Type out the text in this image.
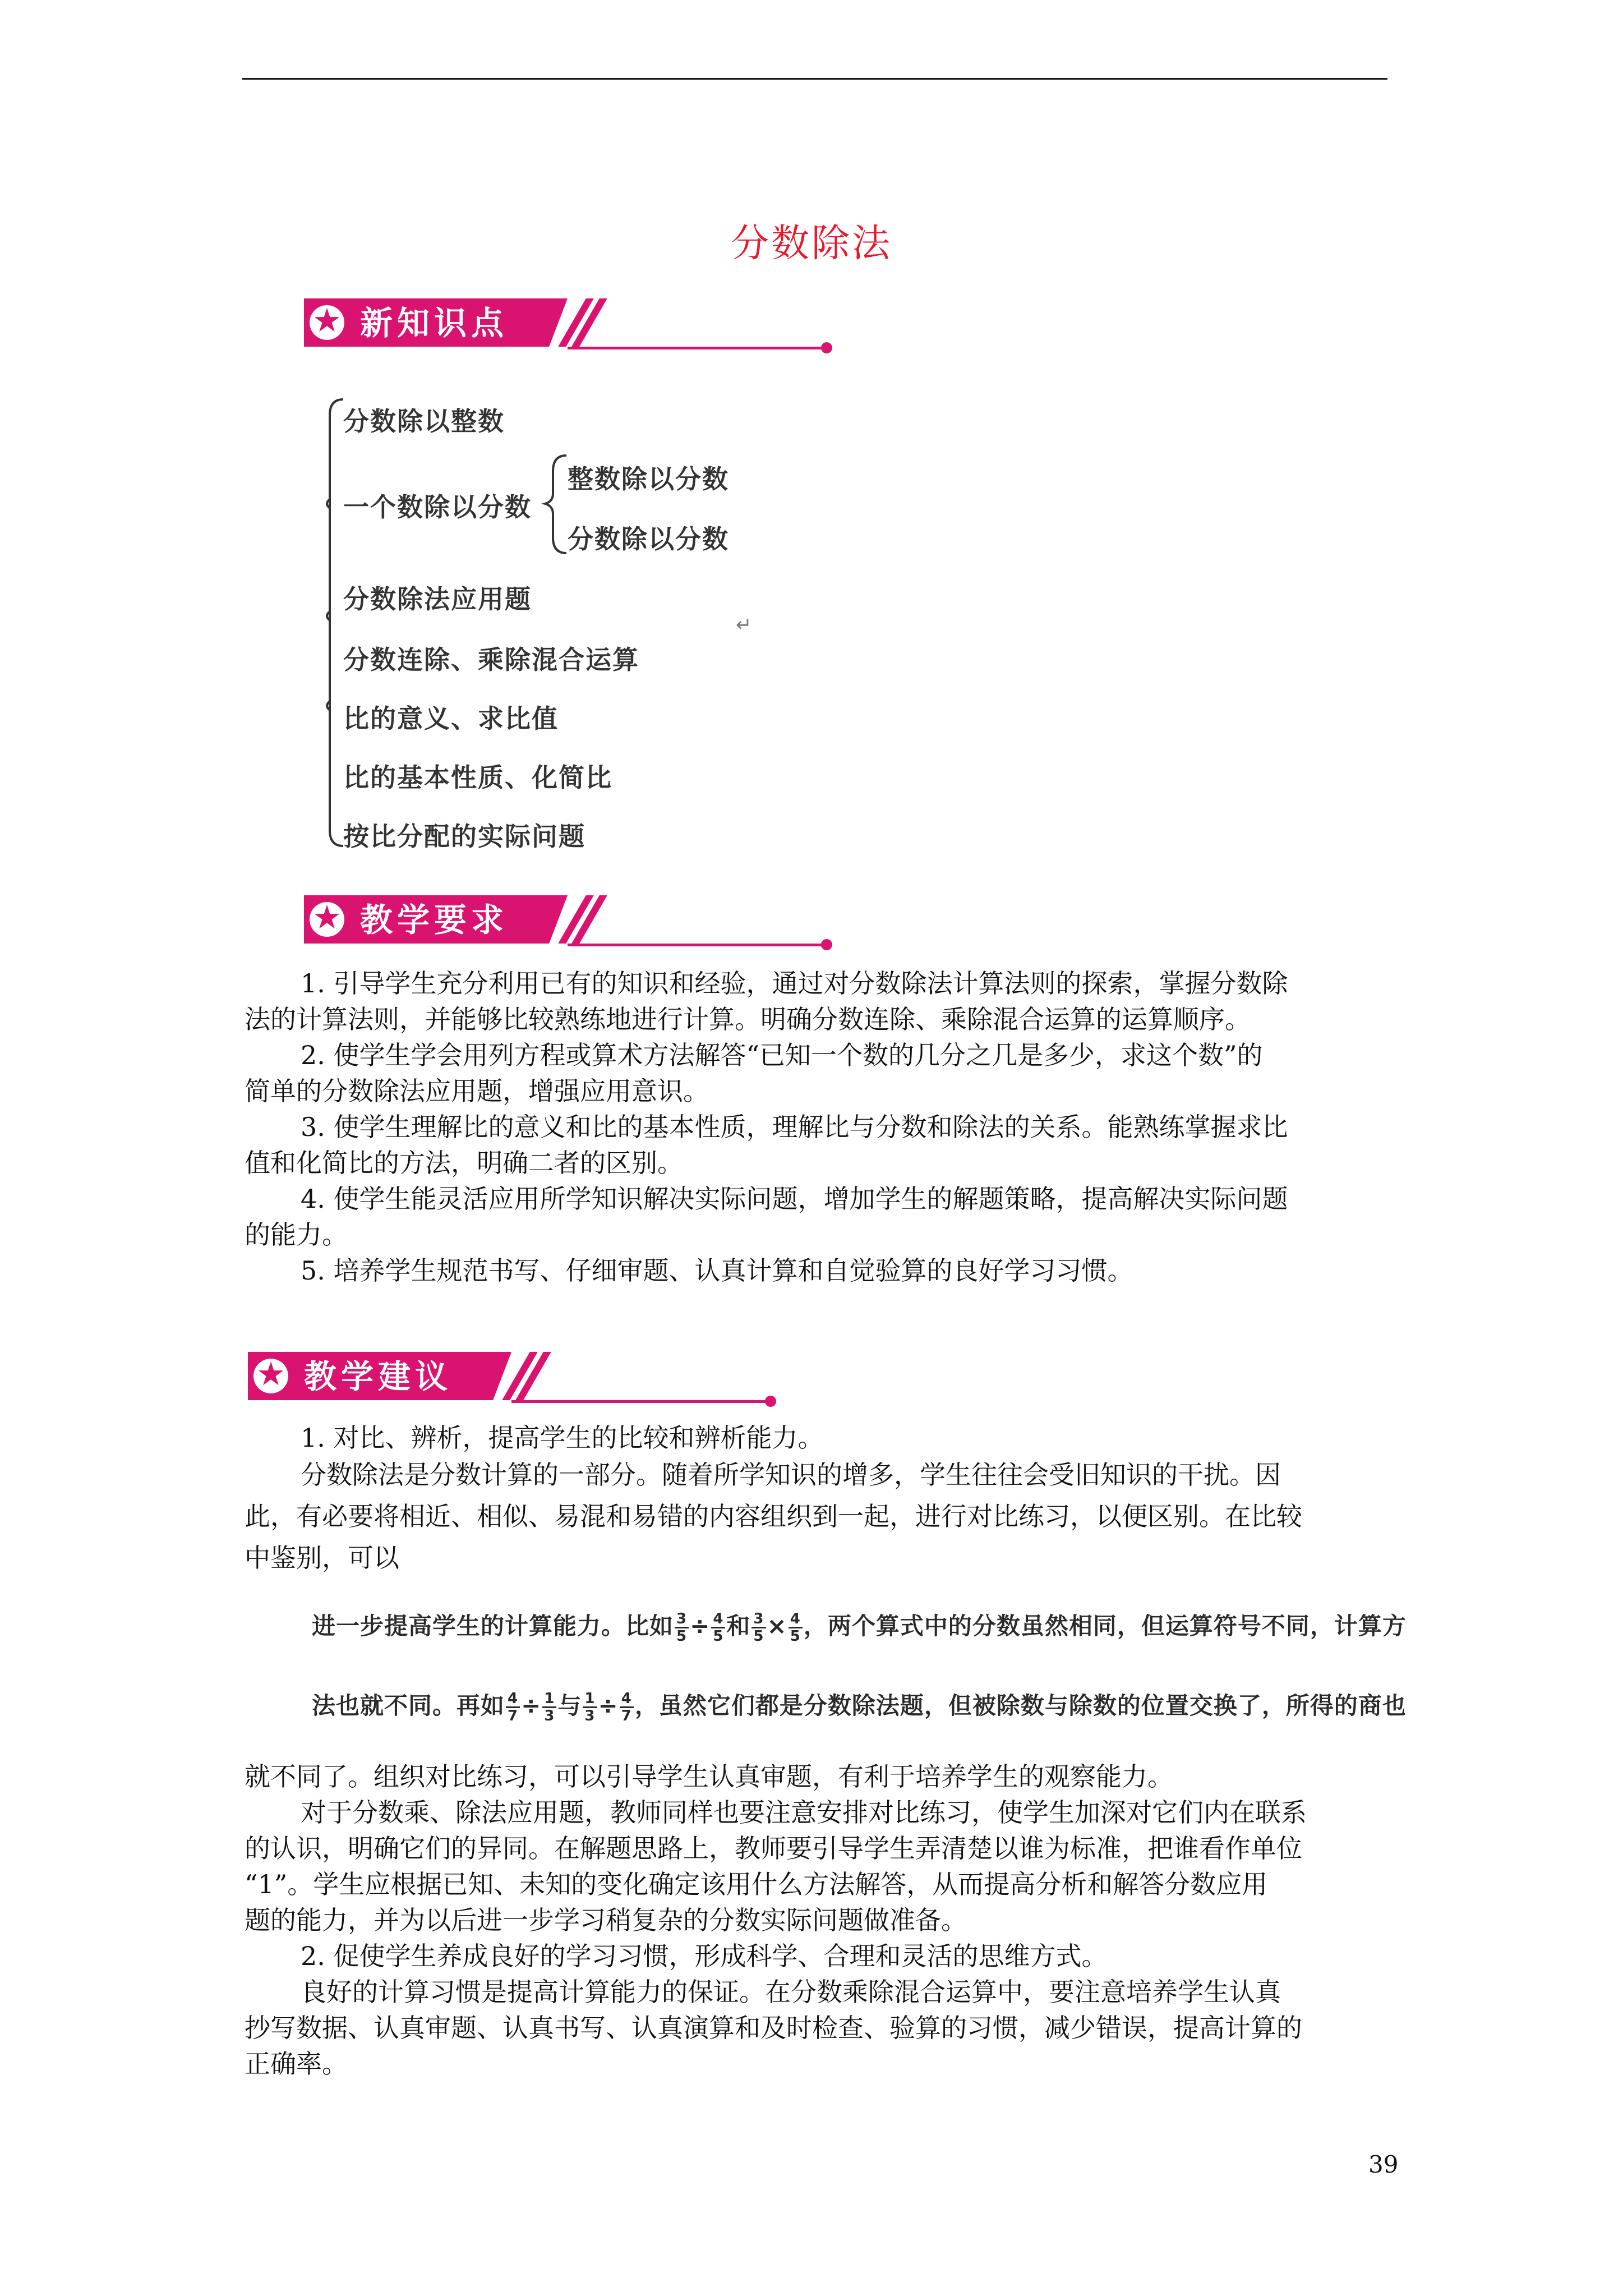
分数除法
★ 新知识点
分数除以整数
一个数除以分数
整数除以分数
分数除以分数
分数除法应用题
分数连除、乘除混合运算
↵
比的意义、求比值
比的基本性质、化简比
按比分配的实际问题
★ 教学要求
1. 引导学生充分利用已有的知识和经验，通过对分数除法计算法则的探索，掌握分数除
法的计算法则，并能够比较熟练地进行计算。明确分数连除、乘除混合运算的运算顺序。
2. 使学生学会用列方程或算术方法解答“已知一个数的几分之几是多少，求这个数”的
简单的分数除法应用题，增强应用意识。
3. 使学生理解比的意义和比的基本性质，理解比与分数和除法的关系。能熟练掌握求比
值和化简比的方法，明确二者的区别。
4. 使学生能灵活应用所学知识解决实际问题，增加学生的解题策略，提高解决实际问题
的能力。
5. 培养学生规范书写、仔细审题、认真计算和自觉验算的良好学习习惯。
★ 教学建议
1. 对比、辨析，提高学生的比较和辨析能力。
分数除法是分数计算的一部分。随着所学知识的增多，学生往往会受旧知识的干扰。因
此，有必要将相近、相似、易混和易错的内容组织到一起，进行对比练习，以便区别。在比较
中鉴别，可以
进一步提高学生的计算能力。比如 $\frac{3}{5} \div \frac{4}{5}$ 和 $\frac{3}{5} \times \frac{4}{5}$ ，两个算式中的分数虽然相同，但运算符号不同，计算方
法也就不同。再如 $\frac{4}{7} \div \frac{1}{3}$ 与 $\frac{1}{3} \div \frac{4}{7}$ ，虽然它们都是分数除法题，但被除数与除数的位置交换了，所得的商也
就不同了。组织对比练习，可以引导学生认真审题，有利于培养学生的观察能力。
对于分数乘、除法应用题，教师同样也要注意安排对比练习，使学生加深对它们内在联系
的认识，明确它们的异同。在解题思路上，教师要引导学生弄清楚以谁为标准，把谁看作单位
“1”。学生应根据已知、未知的变化确定该用什么方法解答，从而提高分析和解答分数应用
题的能力，并为以后进一步学习稍复杂的分数实际问题做准备。
2. 促使学生养成良好的学习习惯，形成科学、合理和灵活的思维方式。
良好的计算习惯是提高计算能力的保证。在分数乘除混合运算中，要注意培养学生认真
抄写数据、认真审题、认真书写、认真演算和及时检查、验算的习惯，减少错误，提高计算的
正确率。
39
